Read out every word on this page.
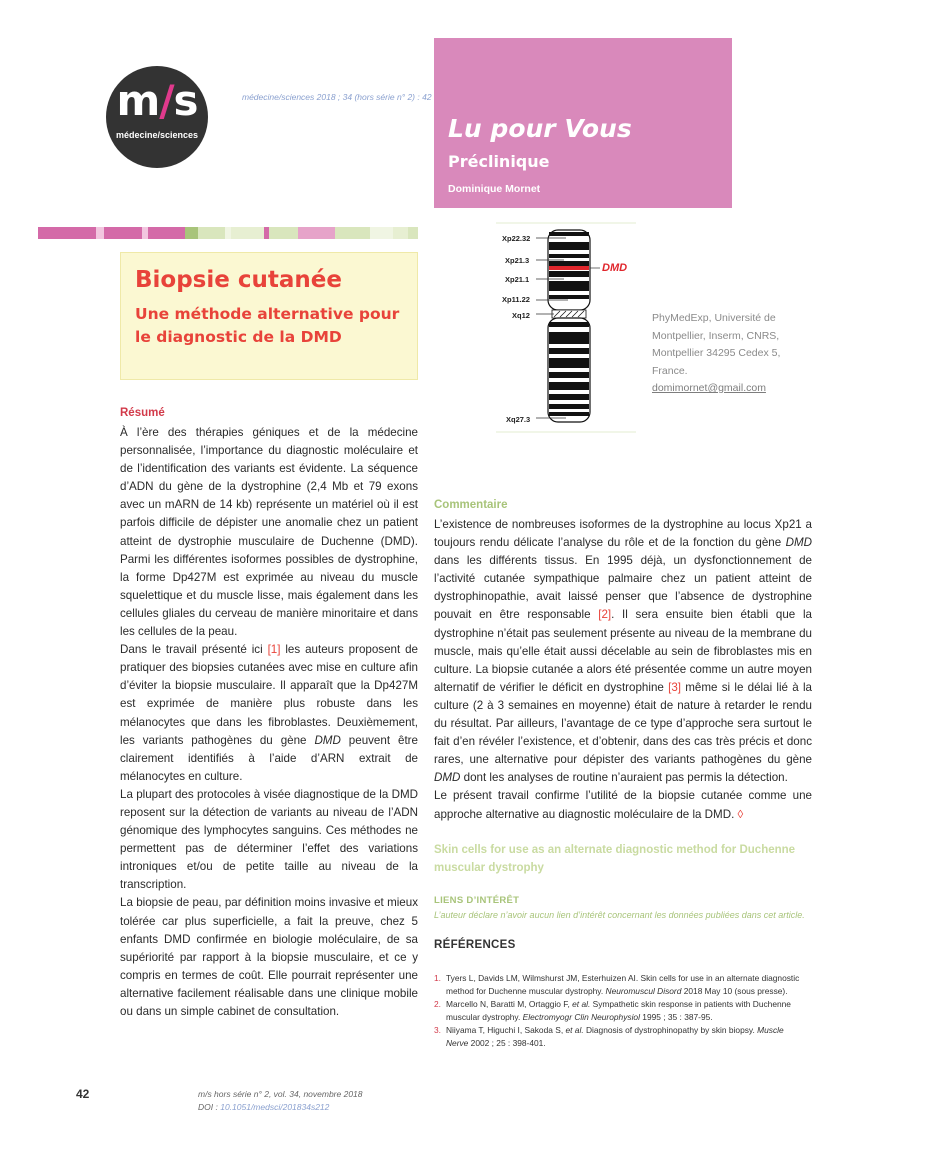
m/s
médecine/sciences
médecine/sciences 2018 ; 34 (hors série n° 2) : 42
Lu pour Vous
Préclinique
Dominique Mornet
Biopsie cutanée
Une méthode alternative pour le diagnostic de la DMD
Xp22.32
Xp21.3
Xp21.1
Xp11.22
Xq12
Xq27.3
DMD
PhyMedExp, Université de Montpellier, Inserm, CNRS, Montpellier 34295 Cedex 5, France.
domimornet@gmail.com
Résumé

À l’ère des thérapies géniques et de la médecine personnalisée, l’importance du diagnostic moléculaire et de l’identification des variants est évidente. La séquence d’ADN du gène de la dystrophine (2,4 Mb et 79 exons avec un mARN de 14 kb) représente un matériel où il est parfois difficile de dépister une anomalie chez un patient atteint de dystrophie musculaire de Duchenne (DMD). Parmi les différentes isoformes possibles de dystrophine, la forme Dp427M est exprimée au niveau du muscle squelettique et du muscle lisse, mais également dans les cellules gliales du cerveau de manière minoritaire et dans les cellules de la peau.

Dans le travail présenté ici [1] les auteurs proposent de pratiquer des biopsies cutanées avec mise en culture afin d’éviter la biopsie musculaire. Il apparaît que la Dp427M est exprimée de manière plus robuste dans les mélanocytes que dans les fibroblastes. Deuxièmement, les variants pathogènes du gène DMD peuvent être clairement identifiés à l’aide d’ARN extrait de mélanocytes en culture.

La plupart des protocoles à visée diagnostique de la DMD reposent sur la détection de variants au niveau de l’ADN génomique des lymphocytes sanguins. Ces méthodes ne permettent pas de déterminer l’effet des variations introniques et/ou de petite taille au niveau de la transcription.

La biopsie de peau, par définition moins invasive et mieux tolérée car plus superficielle, a fait la preuve, chez 5 enfants DMD confirmée en biologie moléculaire, de sa supériorité par rapport à la biopsie musculaire, et ce y compris en termes de coût. Elle pourrait représenter une alternative facilement réalisable dans une clinique mobile ou dans un simple cabinet de consultation.

Commentaire

L’existence de nombreuses isoformes de la dystrophine au locus Xp21 a toujours rendu délicate l’analyse du rôle et de la fonction du gène DMD dans les différents tissus. En 1995 déjà, un dysfonctionnement de l’activité cutanée sympathique palmaire chez un patient atteint de dystrophinopathie, avait laissé penser que l’absence de dystrophine pouvait en être responsable [2]. Il sera ensuite bien établi que la dystrophine n’était pas seulement présente au niveau de la membrane du muscle, mais qu’elle était aussi décelable au sein de fibroblastes mis en culture. La biopsie cutanée a alors été présentée comme un autre moyen alternatif de vérifier le déficit en dystrophine [3] même si le délai lié à la culture (2 à 3 semaines en moyenne) était de nature à retarder le rendu du résultat. Par ailleurs, l’avantage de ce type d’approche sera surtout le fait d’en révéler l’existence, et d’obtenir, dans des cas très précis et donc rares, une alternative pour dépister des variants pathogènes du gène DMD dont les analyses de routine n’auraient pas permis la détection.

Le présent travail confirme l’utilité de la biopsie cutanée comme une approche alternative au diagnostic moléculaire de la DMD. ◊

Skin cells for use as an alternate diagnostic method for Duchenne muscular dystrophy
LIENS D’INTÉRÊT
L’auteur déclare n’avoir aucun lien d’intérêt concernant les données publiées dans cet article.
RÉFÉRENCES
1. Tyers L, Davids LM, Wilmshurst JM, Esterhuizen AI. Skin cells for use in an alternate diagnostic method for Duchenne muscular dystrophy. Neuromuscul Disord 2018 May 10 (sous presse).
2. Marcello N, Baratti M, Ortaggio F, et al. Sympathetic skin response in patients with Duchenne muscular dystrophy. Electromyogr Clin Neurophysiol 1995 ; 35 : 387-95.
3. Niiyama T, Higuchi I, Sakoda S, et al. Diagnosis of dystrophinopathy by skin biopsy. Muscle Nerve 2002 ; 25 : 398-401.
42	m/s hors série n° 2, vol. 34, novembre 2018
DOI : 10.1051/medsci/201834s212
